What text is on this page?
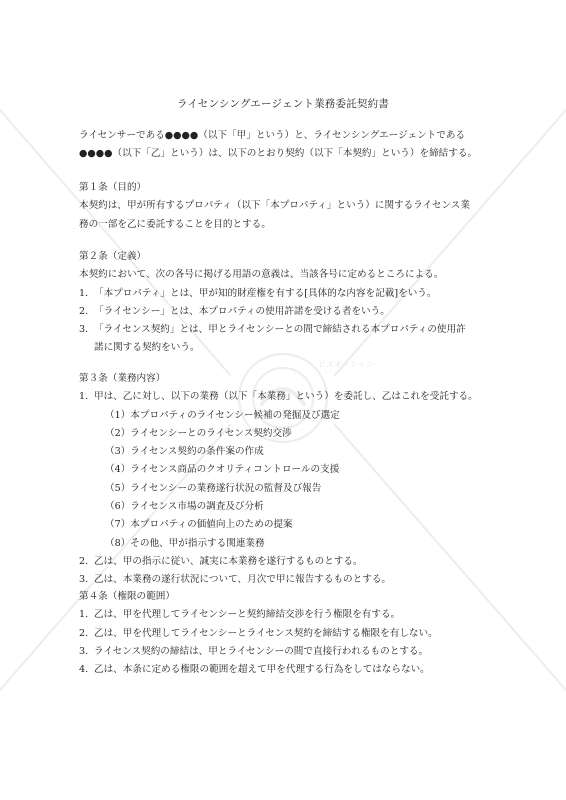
ビズオーシャン
ライセンシングエージェント業務委託契約書

ライセンサーである●●●●（以下「甲」という）と、ライセンシングエージェントである

●●●●（以下「乙」という）は、以下のとおり契約（以下「本契約」という）を締結する。

第１条（目的）

本契約は、甲が所有するプロパティ（以下「本プロパティ」という）に関するライセンス業

務の一部を乙に委託することを目的とする。

第２条（定義）

本契約において、次の各号に掲げる用語の意義は、当該各号に定めるところによる。

1. 「本プロパティ」とは、甲が知的財産権を有する[具体的な内容を記載]をいう。
2. 「ライセンシー」とは、本プロパティの使用許諾を受ける者をいう。
3. 「ライセンス契約」とは、甲とライセンシーとの間で締結される本プロパティの使用許

諾に関する契約をいう。

第３条（業務内容）

1. 甲は、乙に対し、以下の業務（以下「本業務」という）を委託し、乙はこれを受託する。

（1）本プロパティのライセンシー候補の発掘及び選定

（2）ライセンシーとのライセンス契約交渉

（3）ライセンス契約の条件案の作成

（4）ライセンス商品のクオリティコントロールの支援

（5）ライセンシーの業務遂行状況の監督及び報告

（6）ライセンス市場の調査及び分析

（7）本プロパティの価値向上のための提案

（8）その他、甲が指示する関連業務

2. 乙は、甲の指示に従い、誠実に本業務を遂行するものとする。
3. 乙は、本業務の遂行状況について、月次で甲に報告するものとする。

第４条（権限の範囲）

1. 乙は、甲を代理してライセンシーと契約締結交渉を行う権限を有する。
2. 乙は、甲を代理してライセンシーとライセンス契約を締結する権限を有しない。
3. ライセンス契約の締結は、甲とライセンシーの間で直接行われるものとする。
4. 乙は、本条に定める権限の範囲を超えて甲を代理する行為をしてはならない。
